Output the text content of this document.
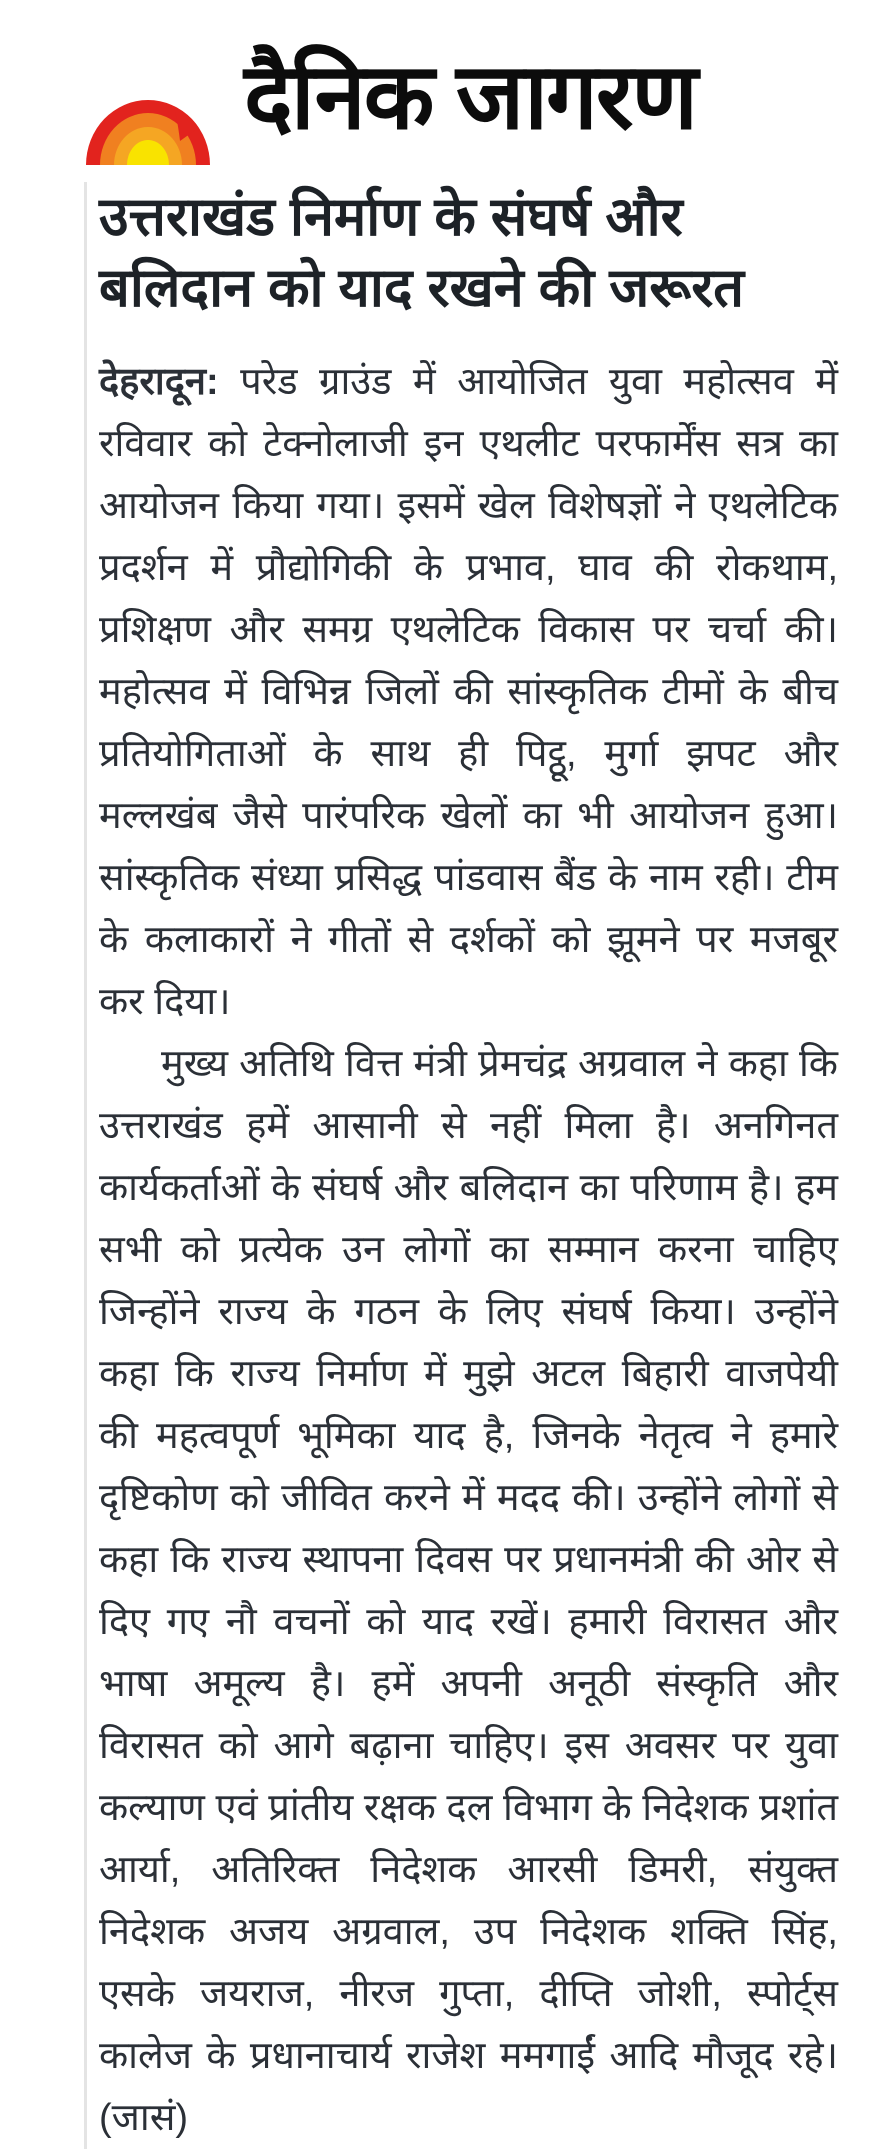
दैनिक जागरण
उत्तराखंड निर्माण के संघर्ष और
बलिदान को याद रखने की जरूरत

देहरादून: परेड ग्राउंड में आयोजित युवा महोत्सव में रविवार को टेक्नोलाजी इन एथलीट परफार्मेंस सत्र का आयोजन किया गया। इसमें खेल विशेषज्ञों ने एथलेटिक प्रदर्शन में प्रौद्योगिकी के प्रभाव, घाव की रोकथाम, प्रशिक्षण और समग्र एथलेटिक विकास पर चर्चा की। महोत्सव में विभिन्न जिलों की सांस्कृतिक टीमों के बीच प्रतियोगिताओं के साथ ही पिट्ठू, मुर्गा झपट और मल्लखंब जैसे पारंपरिक खेलों का भी आयोजन हुआ। सांस्कृतिक संध्या प्रसिद्ध पांडवास बैंड के नाम रही। टीम के कलाकारों ने गीतों से दर्शकों को झूमने पर मजबूर कर दिया।

मुख्य अतिथि वित्त मंत्री प्रेमचंद्र अग्रवाल ने कहा कि उत्तराखंड हमें आसानी से नहीं मिला है। अनगिनत कार्यकर्ताओं के संघर्ष और बलिदान का परिणाम है। हम सभी को प्रत्येक उन लोगों का सम्मान करना चाहिए जिन्होंने राज्य के गठन के लिए संघर्ष किया। उन्होंने कहा कि राज्य निर्माण में मुझे अटल बिहारी वाजपेयी की महत्वपूर्ण भूमिका याद है, जिनके नेतृत्व ने हमारे दृष्टिकोण को जीवित करने में मदद की। उन्होंने लोगों से कहा कि राज्य स्थापना दिवस पर प्रधानमंत्री की ओर से दिए गए नौ वचनों को याद रखें। हमारी विरासत और भाषा अमूल्य है। हमें अपनी अनूठी संस्कृति और विरासत को आगे बढ़ाना चाहिए। इस अवसर पर युवा कल्याण एवं प्रांतीय रक्षक दल विभाग के निदेशक प्रशांत आर्या, अतिरिक्त निदेशक आरसी डिमरी, संयुक्त निदेशक अजय अग्रवाल, उप निदेशक शक्ति सिंह, एसके जयराज, नीरज गुप्ता, दीप्ति जोशी, स्पोर्ट्स कालेज के प्रधानाचार्य राजेश ममगाईं आदि मौजूद रहे।(जासं)
